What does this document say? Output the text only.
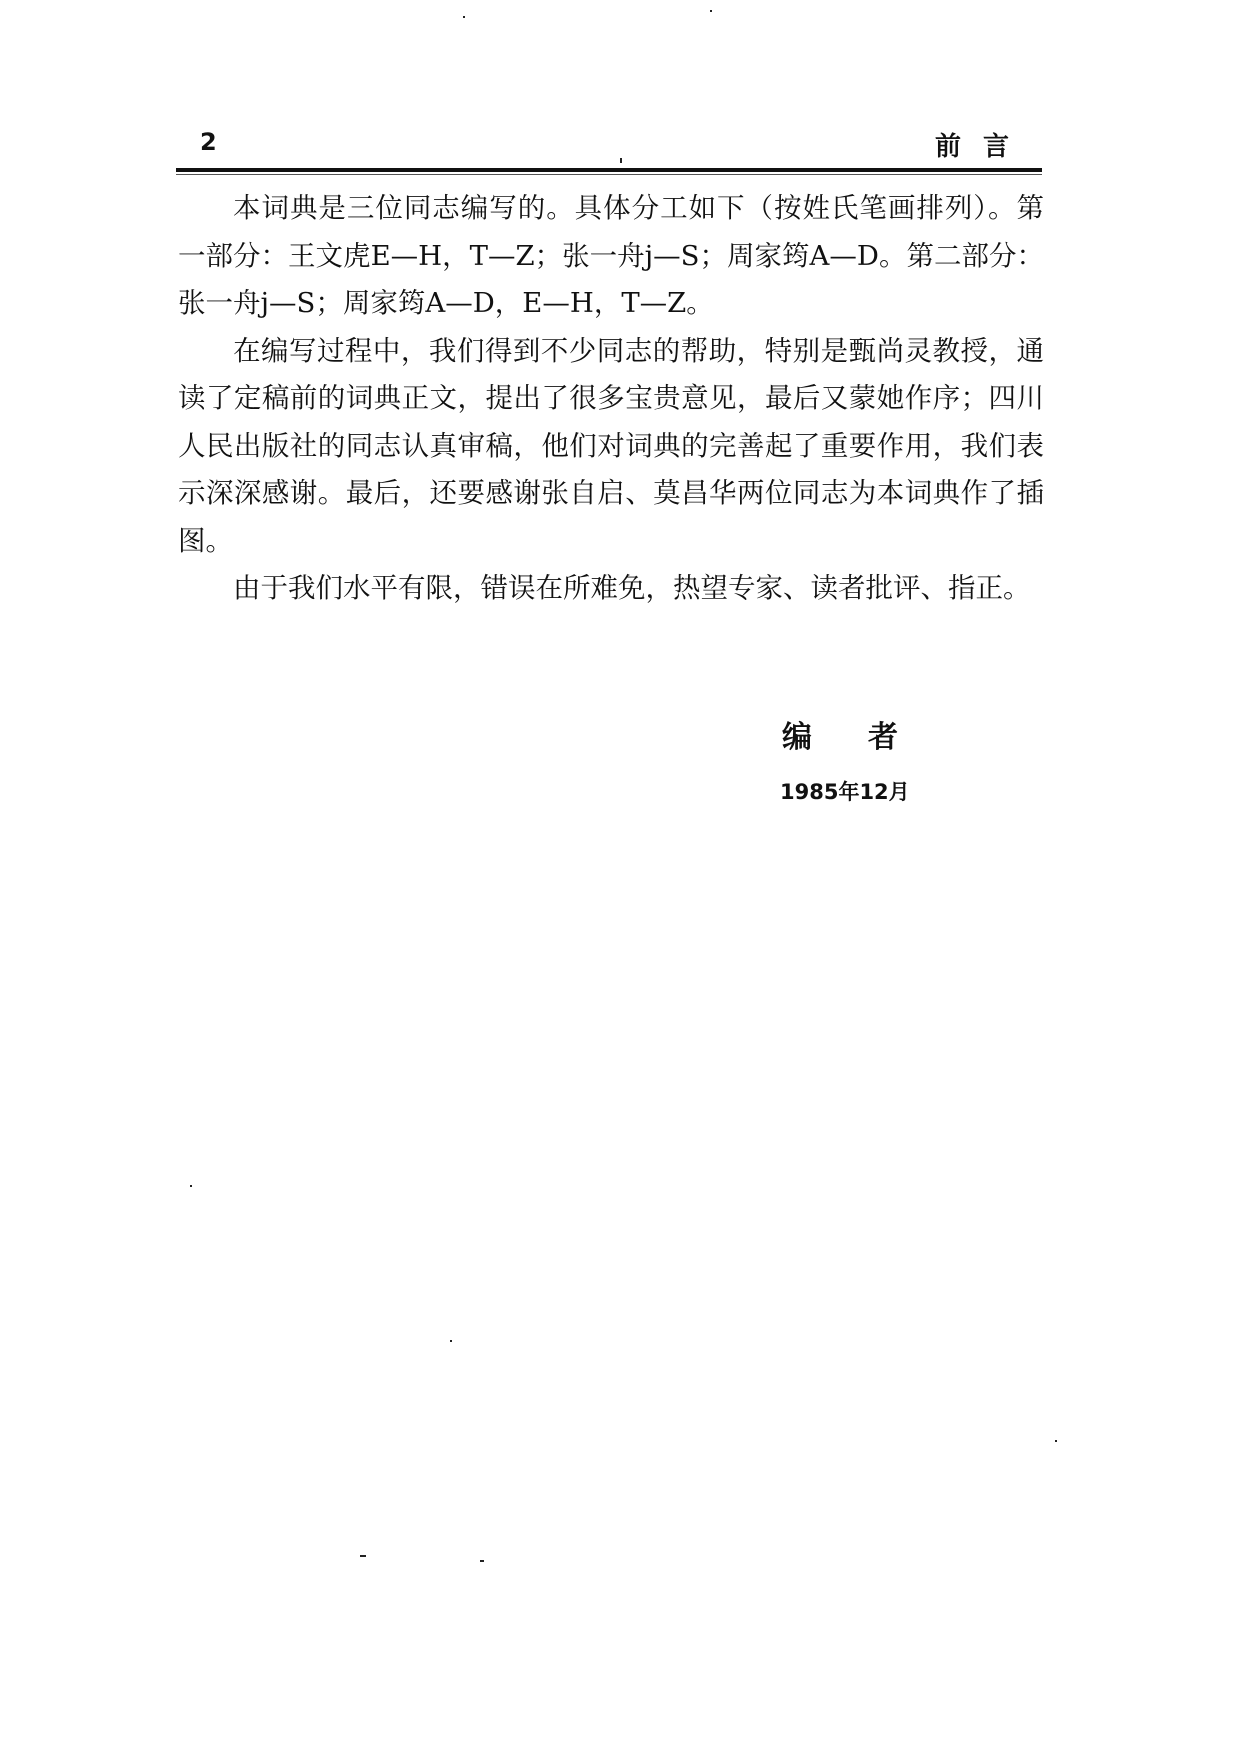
2	前言

本词典是三位同志编写的。具体分工如下（按姓氏笔画排列）。第一部分：王文虎E—H，T—Z；张一舟j—S；周家筠A—D。第二部分：张一舟j—S；周家筠A—D，E—H，T—Z。

在编写过程中，我们得到不少同志的帮助，特别是甄尚灵教授，通读了定稿前的词典正文，提出了很多宝贵意见，最后又蒙她作序；四川人民出版社的同志认真审稿，他们对词典的完善起了重要作用，我们表示深深感谢。最后，还要感谢张自启、莫昌华两位同志为本词典作了插图。

由于我们水平有限，错误在所难免，热望专家、读者批评、指正。

编者
1985年12月
